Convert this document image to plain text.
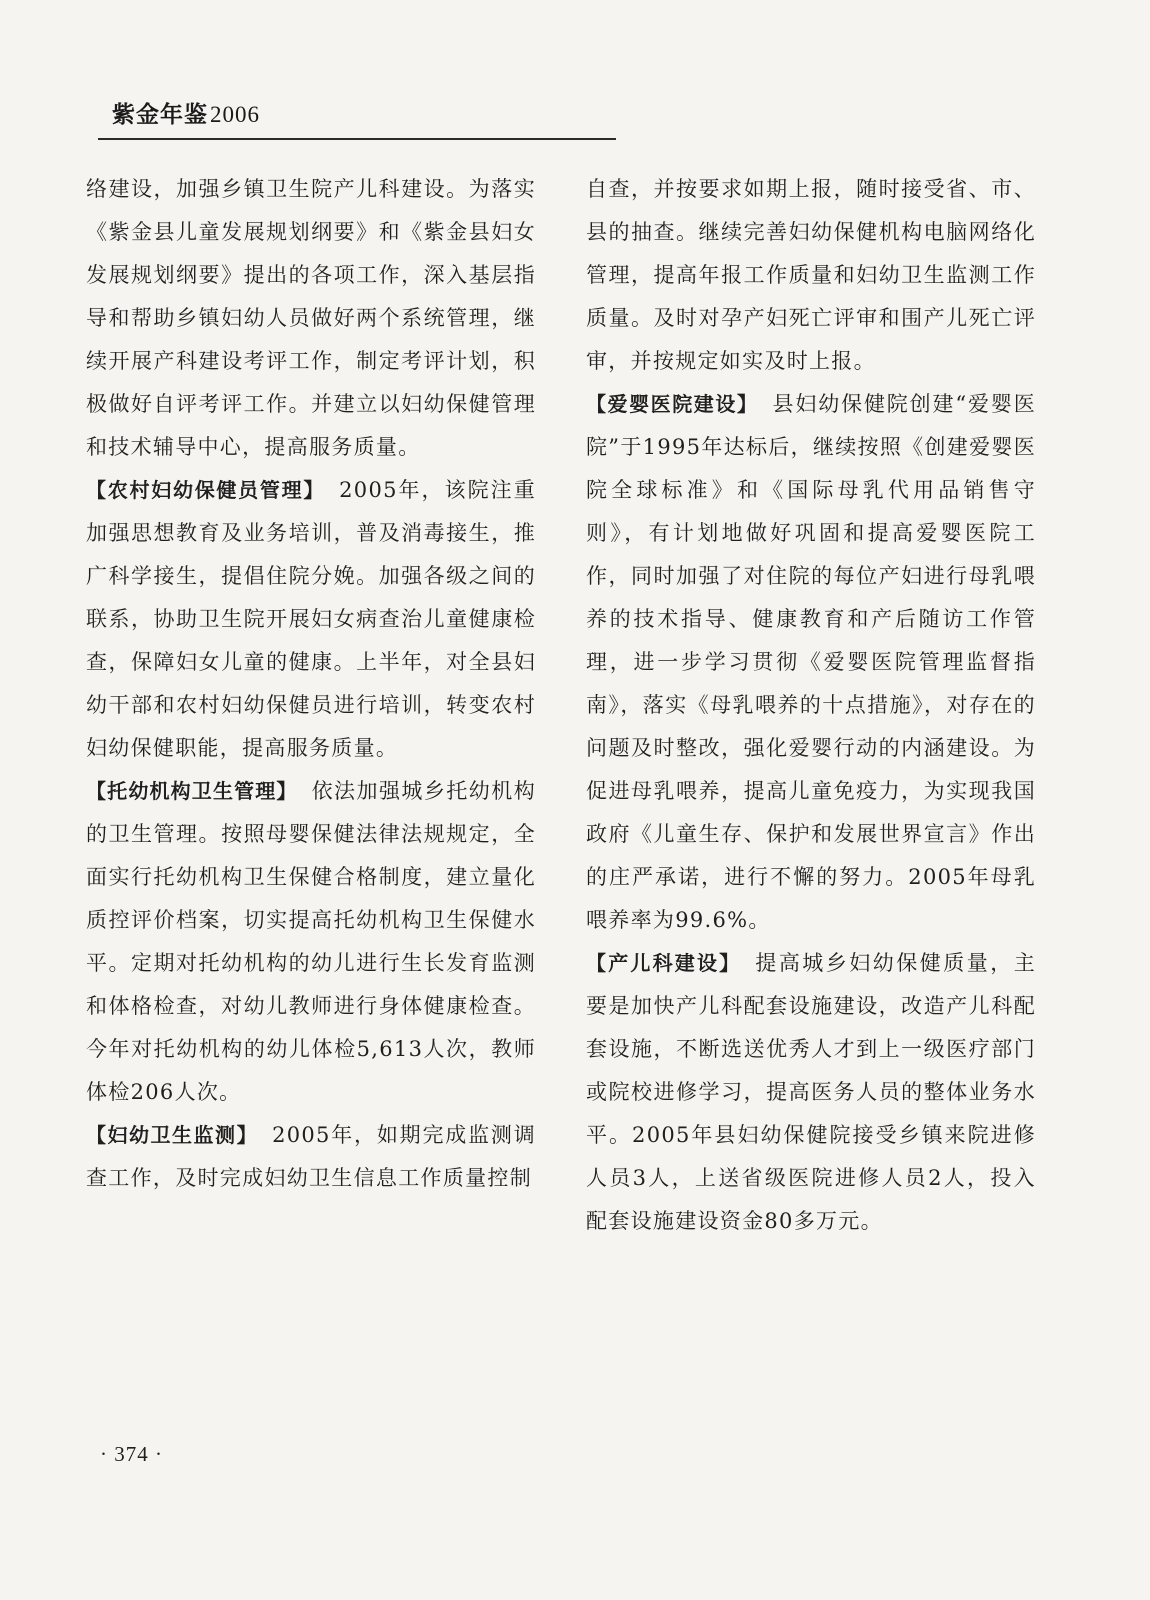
紫金年鉴2006

络建设，加强乡镇卫生院产儿科建设。为落实《紫金县儿童发展规划纲要》和《紫金县妇女发展规划纲要》提出的各项工作，深入基层指导和帮助乡镇妇幼人员做好两个系统管理，继续开展产科建设考评工作，制定考评计划，积极做好自评考评工作。并建立以妇幼保健管理和技术辅导中心，提高服务质量。

【农村妇幼保健员管理】 2005年，该院注重加强思想教育及业务培训，普及消毒接生，推广科学接生，提倡住院分娩。加强各级之间的联系，协助卫生院开展妇女病查治儿童健康检查，保障妇女儿童的健康。上半年，对全县妇幼干部和农村妇幼保健员进行培训，转变农村妇幼保健职能，提高服务质量。

【托幼机构卫生管理】 依法加强城乡托幼机构的卫生管理。按照母婴保健法律法规规定，全面实行托幼机构卫生保健合格制度，建立量化质控评价档案，切实提高托幼机构卫生保健水平。定期对托幼机构的幼儿进行生长发育监测和体格检查，对幼儿教师进行身体健康检查。今年对托幼机构的幼儿体检5,613人次，教师体检206人次。

【妇幼卫生监测】 2005年，如期完成监测调查工作，及时完成妇幼卫生信息工作质量控制

自查，并按要求如期上报，随时接受省、市、县的抽查。继续完善妇幼保健机构电脑网络化管理，提高年报工作质量和妇幼卫生监测工作质量。及时对孕产妇死亡评审和围产儿死亡评审，并按规定如实及时上报。

【爱婴医院建设】 县妇幼保健院创建“爱婴医院”于1995年达标后，继续按照《创建爱婴医院全球标准》和《国际母乳代用品销售守则》，有计划地做好巩固和提高爱婴医院工作，同时加强了对住院的每位产妇进行母乳喂养的技术指导、健康教育和产后随访工作管理，进一步学习贯彻《爱婴医院管理监督指南》，落实《母乳喂养的十点措施》，对存在的问题及时整改，强化爱婴行动的内涵建设。为促进母乳喂养，提高儿童免疫力，为实现我国政府《儿童生存、保护和发展世界宣言》作出的庄严承诺，进行不懈的努力。2005年母乳喂养率为99.6%。

【产儿科建设】 提高城乡妇幼保健质量，主要是加快产儿科配套设施建设，改造产儿科配套设施，不断选送优秀人才到上一级医疗部门或院校进修学习，提高医务人员的整体业务水平。2005年县妇幼保健院接受乡镇来院进修人员3人，上送省级医院进修人员2人，投入配套设施建设资金80多万元。

· 374 ·
